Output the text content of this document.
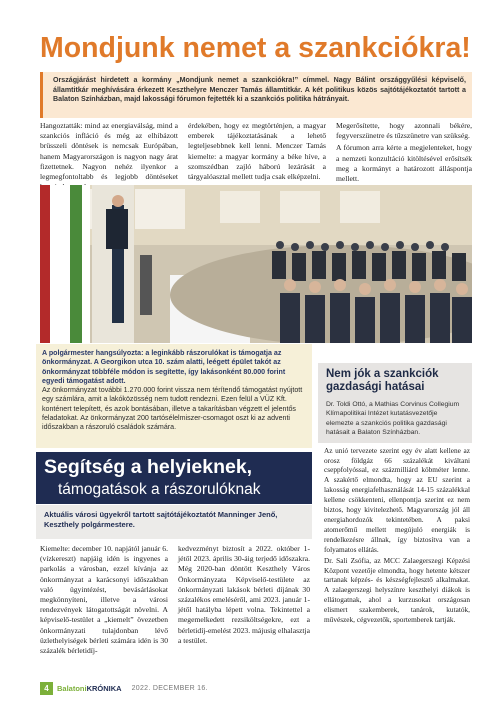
Mondjunk nemet a szankciókra!

Országjárást hirdetett a kormány „Mondjunk nemet a szankciókra!” címmel. Nagy Bálint országgyűlési képviselő, államtitkár meghívására érkezett Keszthelyre Menczer Tamás államtitkár. A két politikus közös sajtótájékoztatót tartott a Balaton Színházban, majd lakossági fórumon fejtették ki a szankciós politika hátrányait.

Hangoztatták: mind az energiaválság, mind a szankciós infláció és még az elhibázott brüsszeli döntések is nemcsak Európában, hanem Magyarországon is nagyon nagy árat fizettetnek. Nagyon nehéz ilyenkor a legmegfontoltabb és legjobb döntéseket

érdekében, hogy ez megtörténjen, a magyar emberek tájékoztatásának a lehető legteljesebbnek kell lenni. Menczer Tamás kiemelte: a magyar kormány a béke híve, a szomszédban zajló háború lezárását a tárgyalóasztal mellett tudja csak elképzelni.

Megerősítette, hogy azonnali békére, fegyverszünetre és tűzszünetre van szükség.

A fórumon arra kérte a megjelenteket, hogy a nemzeti konzultáció kitöltésével erősítsék meg a kormányt a határozott álláspontja mellett.

A polgármester hangsúlyozta: a leginkább rászorulókat is támogatja az önkormányzat. A Georgikon utca 10. szám alatti, leégett épület takót az önkormányzat többféle módon is segítette, így lakásonként 80.000 forint egyedi támogatást adott.

Az önkormányzat további 1.270.000 forint vissza nem térítendő támogatást nyújtott egy számlára, amit a lakóközösség nem tudott rendezni. Ezen felül a VÜZ Kft. konténert telepített, és azok bontásában, illetve a takarításban végzett el jelentős feladatokat. Az önkormányzat 200 tartósélelmiszer-csomagot oszt ki az adventi időszakban a rászoruló családok számára.

Nem jók a szankciók gazdasági hatásai

Dr. Toldi Ottó, a Mathias Corvinus Collegium Klímapolitikai Intézet kutatásvezetője elemezte a szankciós politika gazdasági hatásait a Balaton Színházban.

Az unió tervezete szerint egy év alatt kellene az orosz földgáz 66 százalékát kiváltani cseppfolyóssal, ez százmilliárd köbméter lenne. A szakértő elmondta, hogy az EU szerint a lakosság energiafelhasználását 14-15 százalékkal kellene csökkenteni, ellenpontja szerint ez nem biztos, hogy kivitelezhető. Magyarország jól áll energiahordozók tekintetében. A paksi atomerőmű mellett megújuló energiák is rendelkezésre állnak, így biztosítva van a folyamatos ellátás.

Dr. Sali Zsófia, az MCC Zalaegerszegi Képzési Központ vezetője elmondta, hogy hetente kétszer tartanak képzés- és készségfejlesztő alkalmakat. A zalaegerszegi helyszínre keszthelyi diákok is ellátogatnak, ahol a kurzusokat országosan elismert szakemberek, tanárok, kutatók, művészek, cégvezetők, sportemberek tartják.

Segítség a helyieknek,
támogatások a rászorulóknak

Aktuális városi ügyekről tartott sajtótájékoztatót Manninger Jenő, Keszthely polgármestere.

Kiemelte: december 10. napjától január 6. (vízkereszt) napjáig idén is ingyenes a parkolás a városban, ezzel kívánja az önkormányzat a karácsonyi időszakban való ügyintézést, bevásárlásokat megkönnyíteni, illetve a városi rendezvények látogatottságát növelni. A képviselő-testület a „kiemelt” övezetben önkormányzati tulajdonban lévő üzlethelyiségek bérleti számára idén is 30 százalék bérletidíj-

kedvezményt biztosít a 2022. október 1-jétől 2023. április 30-áig terjedő időszakra. Még 2020-ban döntött Keszthely Város Önkormányzata Képviselő-testülete az önkormányzati lakások bérleti díjának 30 százalékos emeléséről, ami 2023. január 1-jétől hatályba lépett volna. Tekintettel a megemelkedett rezsiköltségekre, ezt a bérletidíj-emelést 2023. májusig elhalasztja a testület.

4	BalatoniKRÓNIKA 2022. DECEMBER 16.
